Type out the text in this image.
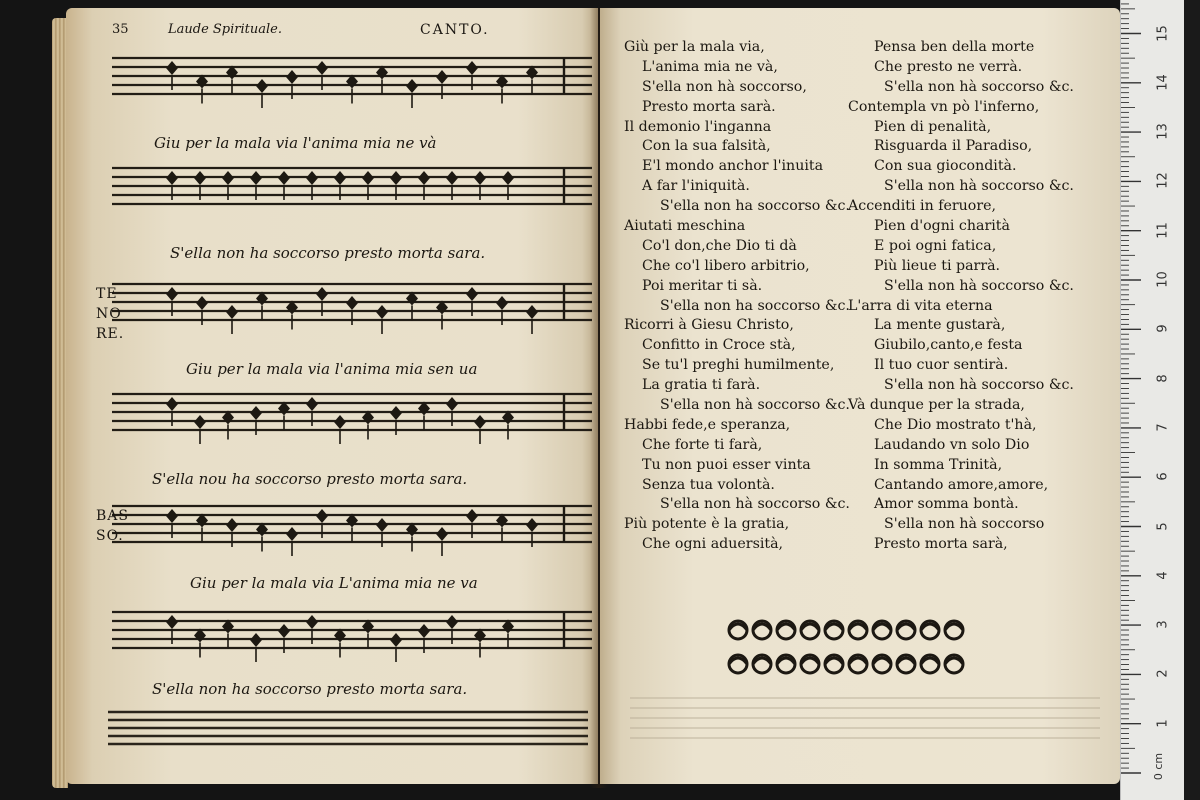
35	Laude Spirituale.	CANTO.
Giu per la mala via l'anima mia ne và
S'ella non ha soccorso presto morta sara.
Giu per la mala via l'anima mia sen ua
S'ella nou ha soccorso presto morta sara.
Giu per la mala via L'anima mia ne va
S'ella non ha soccorso presto morta sara.
TE
NO
RE.
BAS
SO.
Giù per la mala via,
L'anima mia ne và,
S'ella non hà soccorso,
Presto morta sarà.
Il demonio l'inganna
Con la sua falsità,
E'l mondo anchor l'inuita
A far l'iniquità.
S'ella non ha soccorso &c.
Aiutati meschina
Co'l don,che Dio ti dà
Che co'l libero arbitrio,
Poi meritar ti sà.
S'ella non ha soccorso &c.
Ricorri à Giesu Christo,
Confitto in Croce stà,
Se tu'l preghi humilmente,
La gratia ti farà.
S'ella non hà soccorso &c.
Habbi fede,e speranza,
Che forte ti farà,
Tu non puoi esser vinta
Senza tua volontà.
S'ella non hà soccorso &c.
Più potente è la gratia,
Che ogni aduersità,
Pensa ben della morte
Che presto ne verrà.
S'ella non hà soccorso &c.
Contempla vn pò l'inferno,
Pien di penalità,
Risguarda il Paradiso,
Con sua giocondità.
S'ella non hà soccorso &c.
Accenditi in feruore,
Pien d'ogni charità
E poi ogni fatica,
Più lieue ti parrà.
S'ella non hà soccorso &c.
L'arra di vita eterna
La mente gustarà,
Giubilo,canto,e festa
Il tuo cuor sentirà.
S'ella non hà soccorso &c.
Và dunque per la strada,
Che Dio mostrato t'hà,
Laudando vn solo Dio
In somma Trinità,
Cantando amore,amore,
Amor somma bontà.
S'ella non hà soccorso
Presto morta sarà,
1
2
3
4
5
6
7
8
9
10
11
12
13
14
15
0 cm
